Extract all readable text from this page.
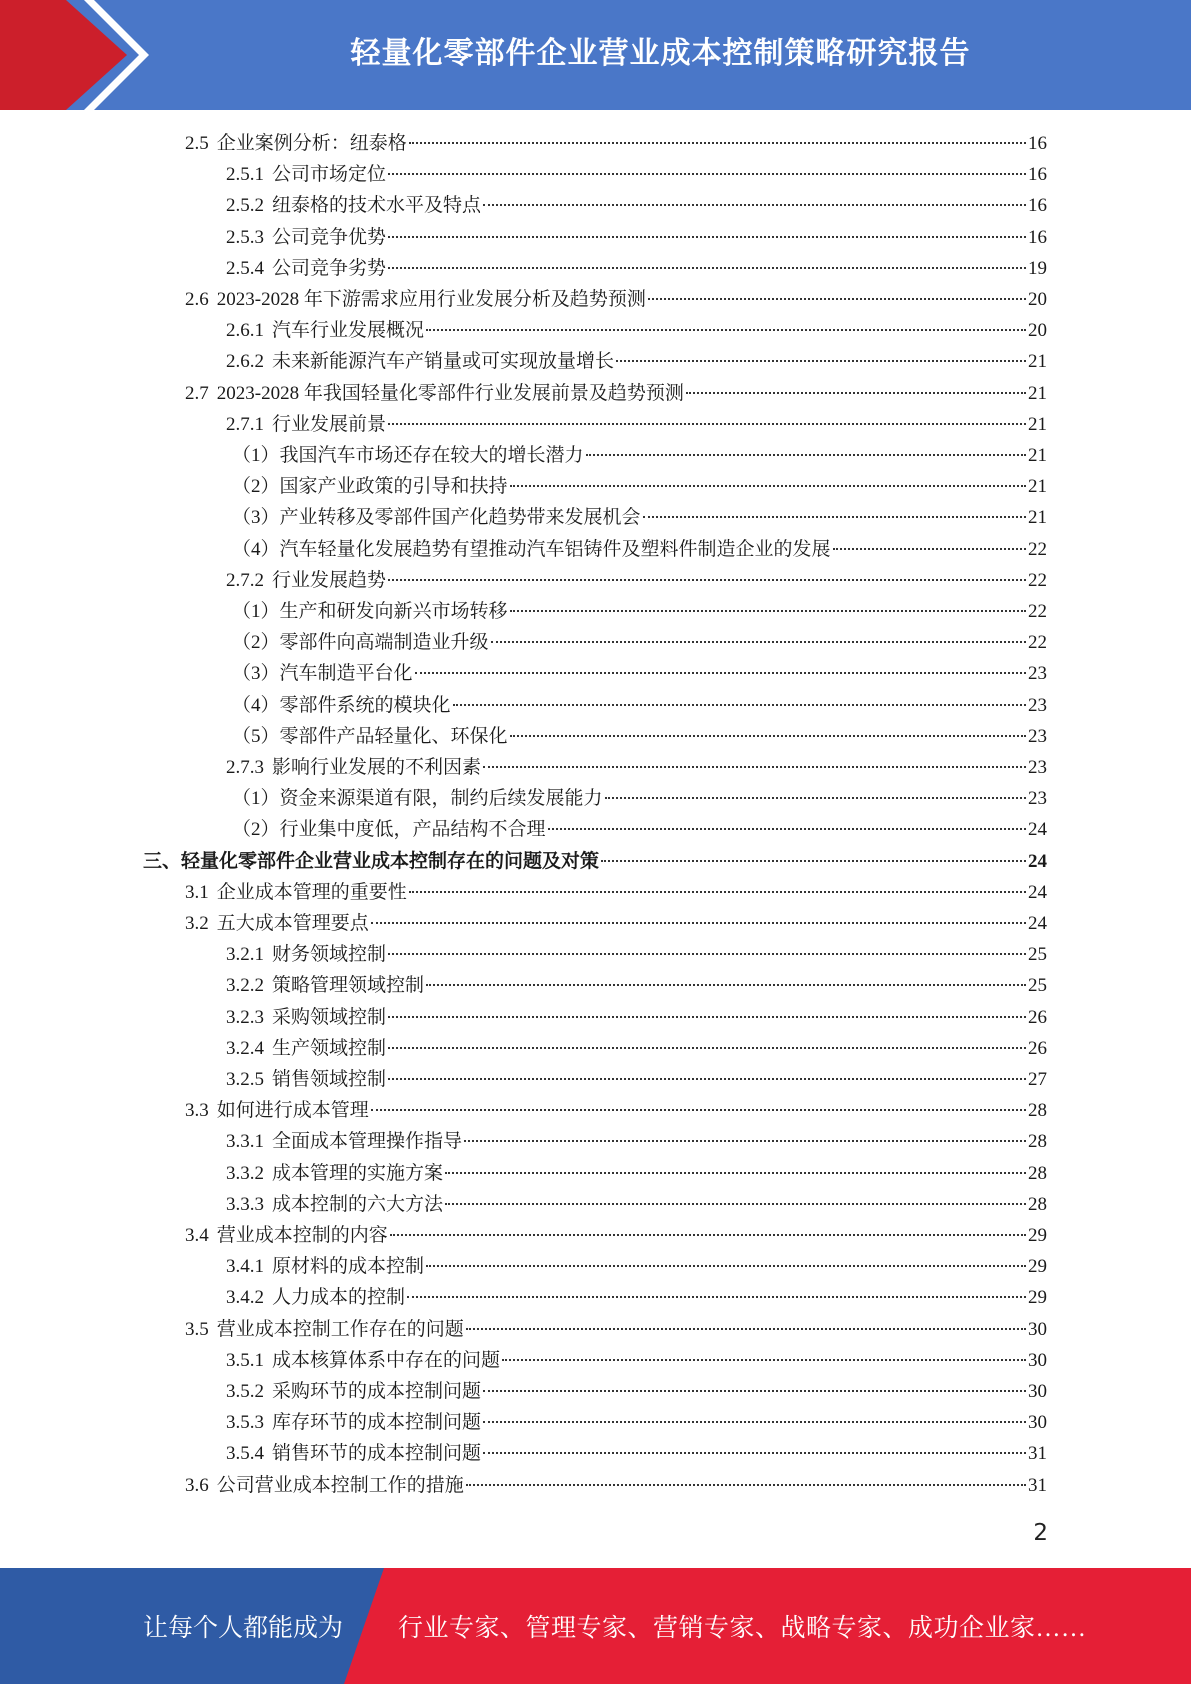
轻量化零部件企业营业成本控制策略研究报告
2.5 企业案例分析：纽泰格	16
2.5.1 公司市场定位	16
2.5.2 纽泰格的技术水平及特点	16
2.5.3 公司竞争优势	16
2.5.4 公司竞争劣势	19
2.6 2023-2028 年下游需求应用行业发展分析及趋势预测	20
2.6.1 汽车行业发展概况	20
2.6.2 未来新能源汽车产销量或可实现放量增长	21
2.7 2023-2028 年我国轻量化零部件行业发展前景及趋势预测	21
2.7.1 行业发展前景	21
（1）我国汽车市场还存在较大的增长潜力	21
（2）国家产业政策的引导和扶持	21
（3）产业转移及零部件国产化趋势带来发展机会	21
（4）汽车轻量化发展趋势有望推动汽车铝铸件及塑料件制造企业的发展	22
2.7.2 行业发展趋势	22
（1）生产和研发向新兴市场转移	22
（2）零部件向高端制造业升级	22
（3）汽车制造平台化	23
（4）零部件系统的模块化	23
（5）零部件产品轻量化、环保化	23
2.7.3 影响行业发展的不利因素	23
（1）资金来源渠道有限，制约后续发展能力	23
（2）行业集中度低，产品结构不合理	24
三、轻量化零部件企业营业成本控制存在的问题及对策	24
3.1 企业成本管理的重要性	24
3.2 五大成本管理要点	24
3.2.1 财务领域控制	25
3.2.2 策略管理领域控制	25
3.2.3 采购领域控制	26
3.2.4 生产领域控制	26
3.2.5 销售领域控制	27
3.3 如何进行成本管理	28
3.3.1 全面成本管理操作指导	28
3.3.2 成本管理的实施方案	28
3.3.3 成本控制的六大方法	28
3.4 营业成本控制的内容	29
3.4.1 原材料的成本控制	29
3.4.2 人力成本的控制	29
3.5 营业成本控制工作存在的问题	30
3.5.1 成本核算体系中存在的问题	30
3.5.2 采购环节的成本控制问题	30
3.5.3 库存环节的成本控制问题	30
3.5.4 销售环节的成本控制问题	31
3.6 公司营业成本控制工作的措施	31
2
让每个人都能成为 行业专家、管理专家、营销专家、战略专家、成功企业家……
